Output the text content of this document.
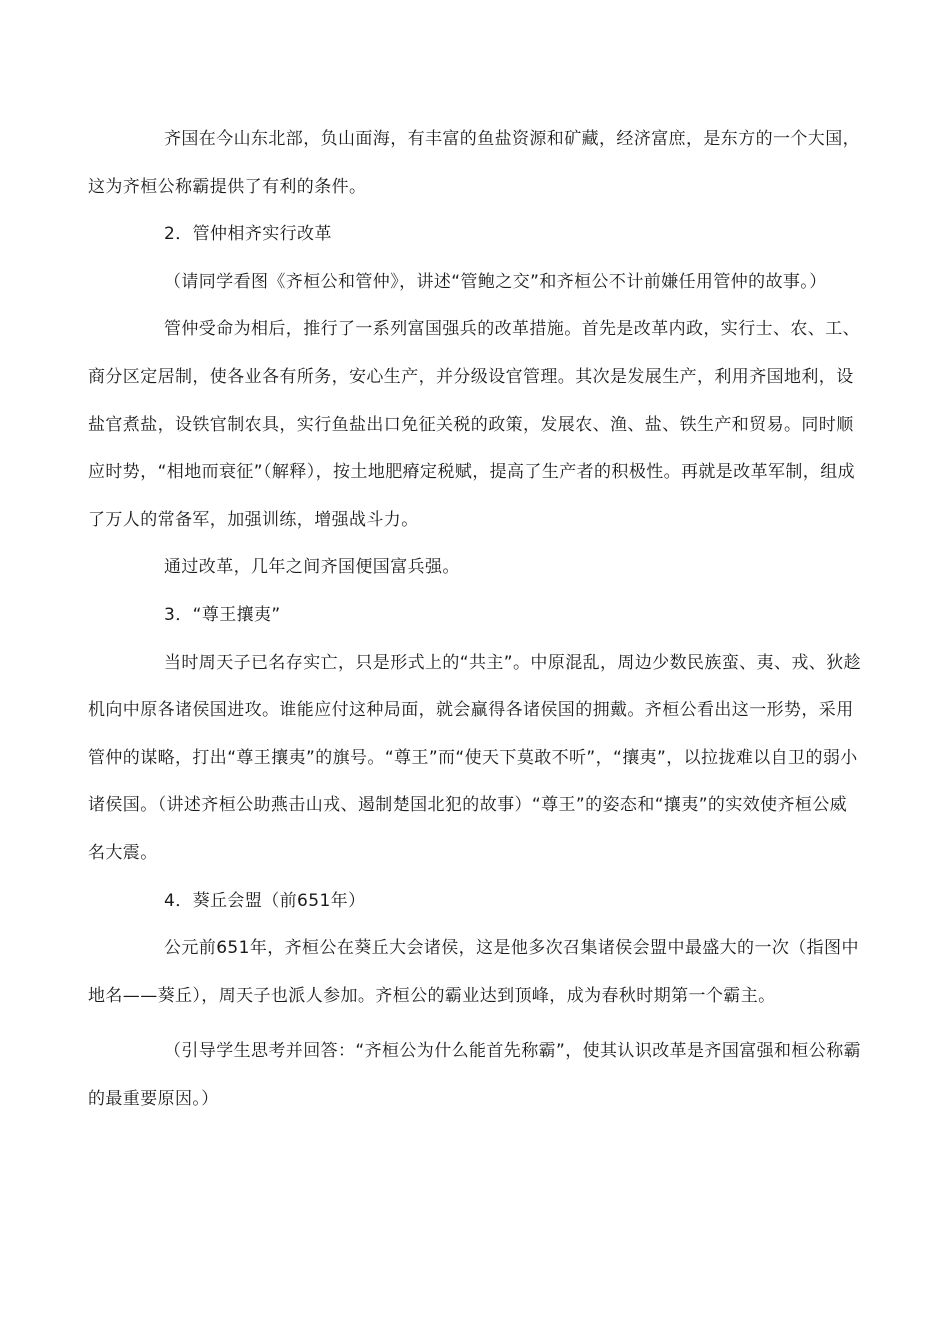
齐国在今山东北部，负山面海，有丰富的鱼盐资源和矿藏，经济富庶，是东方的一个大国，这为齐桓公称霸提供了有利的条件。

2．管仲相齐实行改革

（请同学看图《齐桓公和管仲》，讲述“管鲍之交”和齐桓公不计前嫌任用管仲的故事。）

管仲受命为相后，推行了一系列富国强兵的改革措施。首先是改革内政，实行士、农、工、商分区定居制，使各业各有所务，安心生产，并分级设官管理。其次是发展生产，利用齐国地利，设盐官煮盐，设铁官制农具，实行鱼盐出口免征关税的政策，发展农、渔、盐、铁生产和贸易。同时顺应时势，“相地而衰征”（解释），按土地肥瘠定税赋，提高了生产者的积极性。再就是改革军制，组成了万人的常备军，加强训练，增强战斗力。

通过改革，几年之间齐国便国富兵强。

3．“尊王攘夷”

当时周天子已名存实亡，只是形式上的“共主”。中原混乱，周边少数民族蛮、夷、戎、狄趁机向中原各诸侯国进攻。谁能应付这种局面，就会赢得各诸侯国的拥戴。齐桓公看出这一形势，采用管仲的谋略，打出“尊王攘夷”的旗号。“尊王”而“使天下莫敢不听”，“攘夷”，以拉拢难以自卫的弱小诸侯国。（讲述齐桓公助燕击山戎、遏制楚国北犯的故事）“尊王”的姿态和“攘夷”的实效使齐桓公威名大震。

4．葵丘会盟（前651年）

公元前651年，齐桓公在葵丘大会诸侯，这是他多次召集诸侯会盟中最盛大的一次（指图中地名——葵丘），周天子也派人参加。齐桓公的霸业达到顶峰，成为春秋时期第一个霸主。

（引导学生思考并回答：“齐桓公为什么能首先称霸”，使其认识改革是齐国富强和桓公称霸的最重要原因。）
